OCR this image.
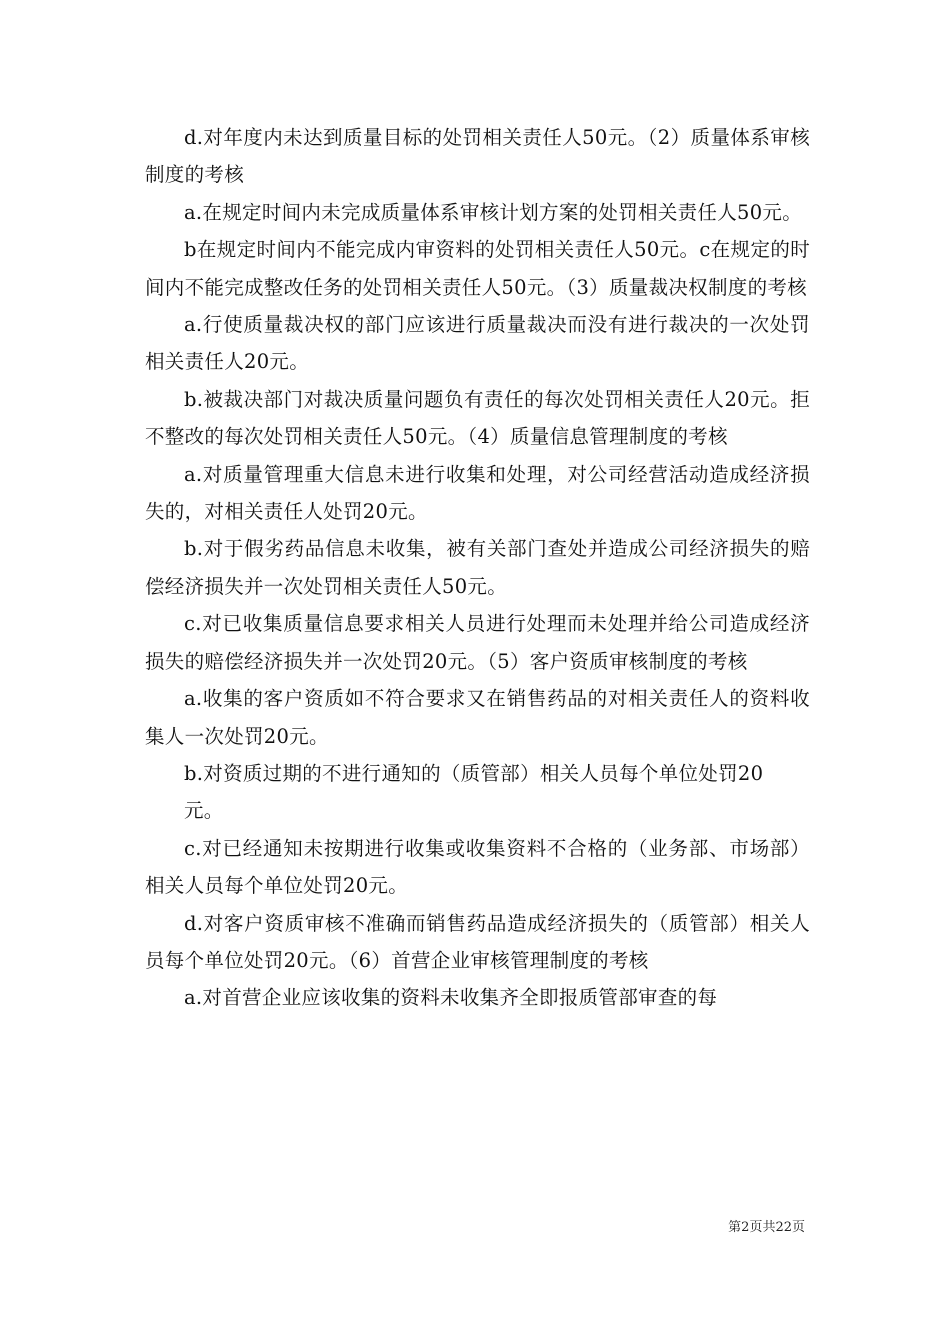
d.对年度内未达到质量目标的处罚相关责任人50元。（2）质量体系审核制度的考核

a.在规定时间内未完成质量体系审核计划方案的处罚相关责任人50元。

b在规定时间内不能完成内审资料的处罚相关责任人50元。c在规定的时间内不能完成整改任务的处罚相关责任人50元。（3）质量裁决权制度的考核

a.行使质量裁决权的部门应该进行质量裁决而没有进行裁决的一次处罚相关责任人20元。

b.被裁决部门对裁决质量问题负有责任的每次处罚相关责任人20元。拒不整改的每次处罚相关责任人50元。（4）质量信息管理制度的考核

a.对质量管理重大信息未进行收集和处理，对公司经营活动造成经济损失的，对相关责任人处罚20元。

b.对于假劣药品信息未收集，被有关部门查处并造成公司经济损失的赔偿经济损失并一次处罚相关责任人50元。

c.对已收集质量信息要求相关人员进行处理而未处理并给公司造成经济损失的赔偿经济损失并一次处罚20元。（5）客户资质审核制度的考核

a.收集的客户资质如不符合要求又在销售药品的对相关责任人的资料收集人一次处罚20元。

b.对资质过期的不进行通知的（质管部）相关人员每个单位处罚20

元。

c.对已经通知未按期进行收集或收集资料不合格的（业务部、市场部）相关人员每个单位处罚20元。

d.对客户资质审核不准确而销售药品造成经济损失的（质管部）相关人员每个单位处罚20元。（6）首营企业审核管理制度的考核

a.对首营企业应该收集的资料未收集齐全即报质管部审查的每

第2页共22页
